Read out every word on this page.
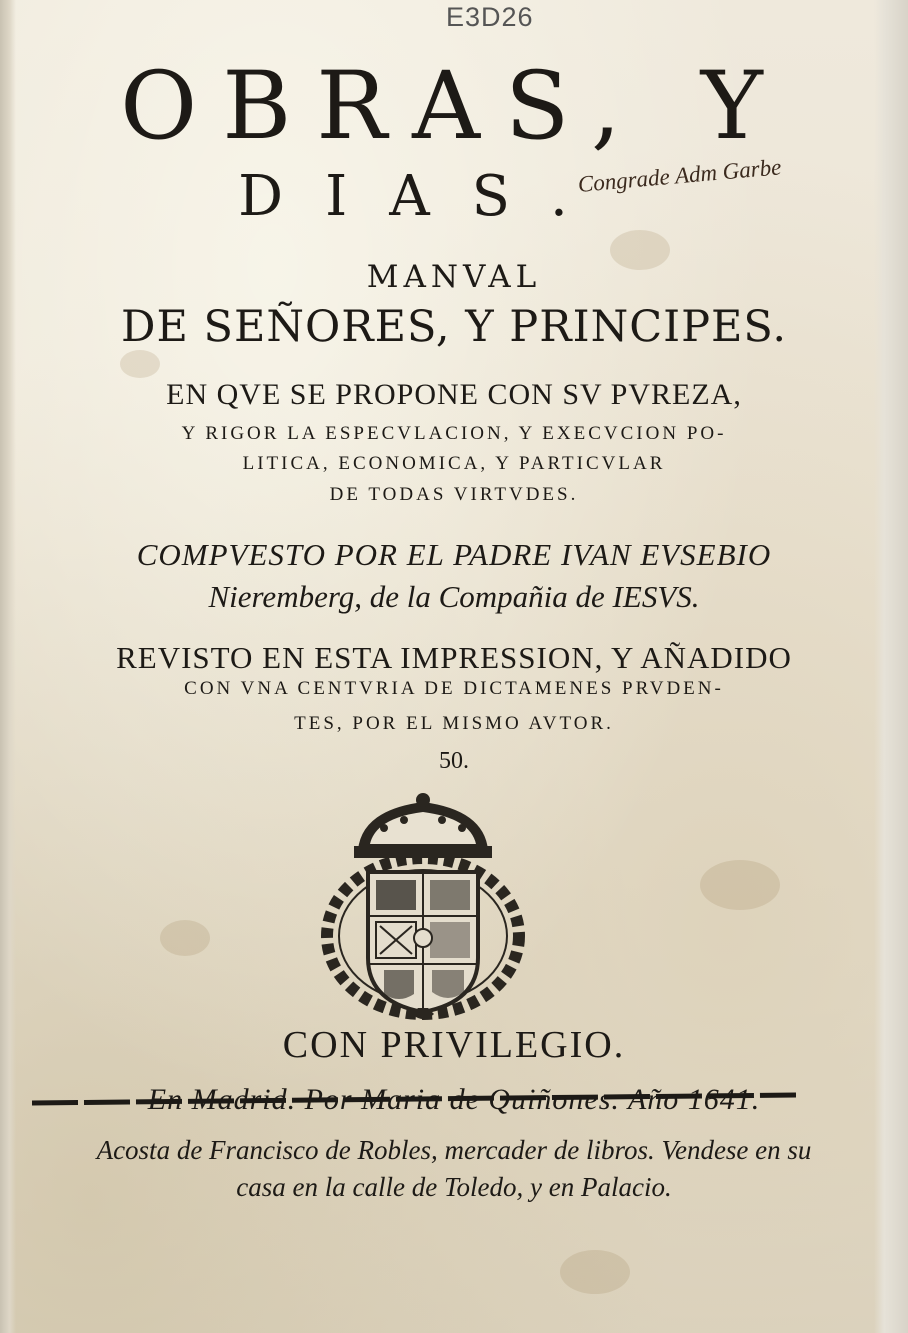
E3D26
OBRAS, Y
DIAS.
Congrade Adm Garbe
MANVAL
DE SEÑORES, Y PRINCIPES.
EN QVE SE PROPONE CON SV PVREZA,
Y RIGOR LA ESPECVLACION, Y EXECVCION PO-
LITICA, ECONOMICA, Y PARTICVLAR
DE TODAS VIRTVDES.
COMPVESTO POR EL PADRE IVAN EVSEBIO
Nieremberg, de la Compañia de IESVS.
REVISTO EN ESTA IMPRESSION, Y AÑADIDO
CON VNA CENTVRIA DE DICTAMENES PRVDEN-
TES, POR EL MISMO AVTOR.
50.
CON PRIVILEGIO.
En Madrid. Por Maria de Quiñones. Año 1641.
Acosta de Francisco de Robles, mercader de libros. Vendese en su
casa en la calle de Toledo, y en Palacio.
